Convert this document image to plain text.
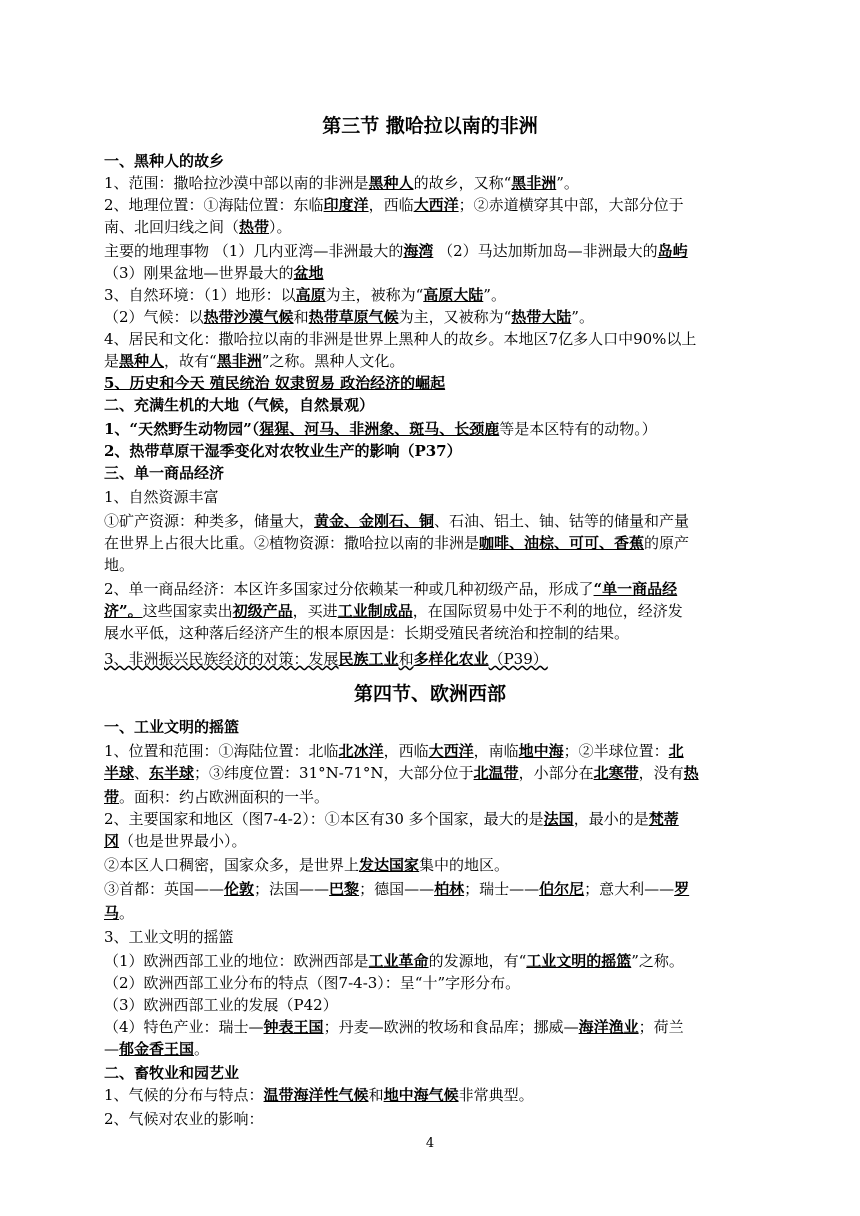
第三节 撒哈拉以南的非洲
第四节、欧洲西部
一、黑种人的故乡
1、范围：撒哈拉沙漠中部以南的非洲是黑种人的故乡，又称“黑非洲”。
2、地理位置：①海陆位置：东临印度洋，西临大西洋；②赤道横穿其中部，大部分位于
南、北回归线之间（热带）。
主要的地理事物 （1）几内亚湾—非洲最大的海湾 （2）马达加斯加岛—非洲最大的岛屿
（3）刚果盆地—世界最大的盆地
3、自然环境：（1）地形：以高原为主，被称为“高原大陆”。
（2）气候：以热带沙漠气候和热带草原气候为主，又被称为“热带大陆”。
4、居民和文化：撒哈拉以南的非洲是世界上黑种人的故乡。本地区7亿多人口中90%以上
是黑种人，故有“黑非洲”之称。黑种人文化。
5、历史和今天 殖民统治 奴隶贸易 政治经济的崛起
二、充满生机的大地（气候，自然景观）
1、“天然野生动物园”（猩猩、河马、非洲象、斑马、长颈鹿等是本区特有的动物。）
2、热带草原干湿季变化对农牧业生产的影响（P37）
三、单一商品经济
1、自然资源丰富
①矿产资源：种类多，储量大，黄金、金刚石、铜、石油、铝土、铀、钴等的储量和产量
在世界上占很大比重。②植物资源：撒哈拉以南的非洲是咖啡、油棕、可可、香蕉的原产
地。
2、单一商品经济：本区许多国家过分依赖某一种或几种初级产品，形成了“单一商品经
济”。这些国家卖出初级产品，买进工业制成品，在国际贸易中处于不利的地位，经济发
展水平低，这种落后经济产生的根本原因是：长期受殖民者统治和控制的结果。
3、非洲振兴民族经济的对策：发展民族工业和多样化农业（P39）
一、工业文明的摇篮
1、位置和范围：①海陆位置：北临北冰洋，西临大西洋，南临地中海；②半球位置：北
半球、东半球；③纬度位置：31°N-71°N，大部分位于北温带，小部分在北寒带，没有热
带。面积：约占欧洲面积的一半。
2、主要国家和地区（图7-4-2）：①本区有30 多个国家，最大的是法国，最小的是梵蒂
冈（也是世界最小）。
②本区人口稠密，国家众多，是世界上发达国家集中的地区。
③首都：英国——伦敦；法国——巴黎；德国——柏林；瑞士——伯尔尼；意大利——罗
马。
3、工业文明的摇篮
（1）欧洲西部工业的地位：欧洲西部是工业革命的发源地，有“工业文明的摇篮”之称。
（2）欧洲西部工业分布的特点（图7-4-3）：呈“十”字形分布。
（3）欧洲西部工业的发展（P42）
（4）特色产业：瑞士—钟表王国；丹麦—欧洲的牧场和食品库；挪威—海洋渔业；荷兰
—郁金香王国。
二、畜牧业和园艺业
1、气候的分布与特点：温带海洋性气候和地中海气候非常典型。
2、气候对农业的影响：
4
